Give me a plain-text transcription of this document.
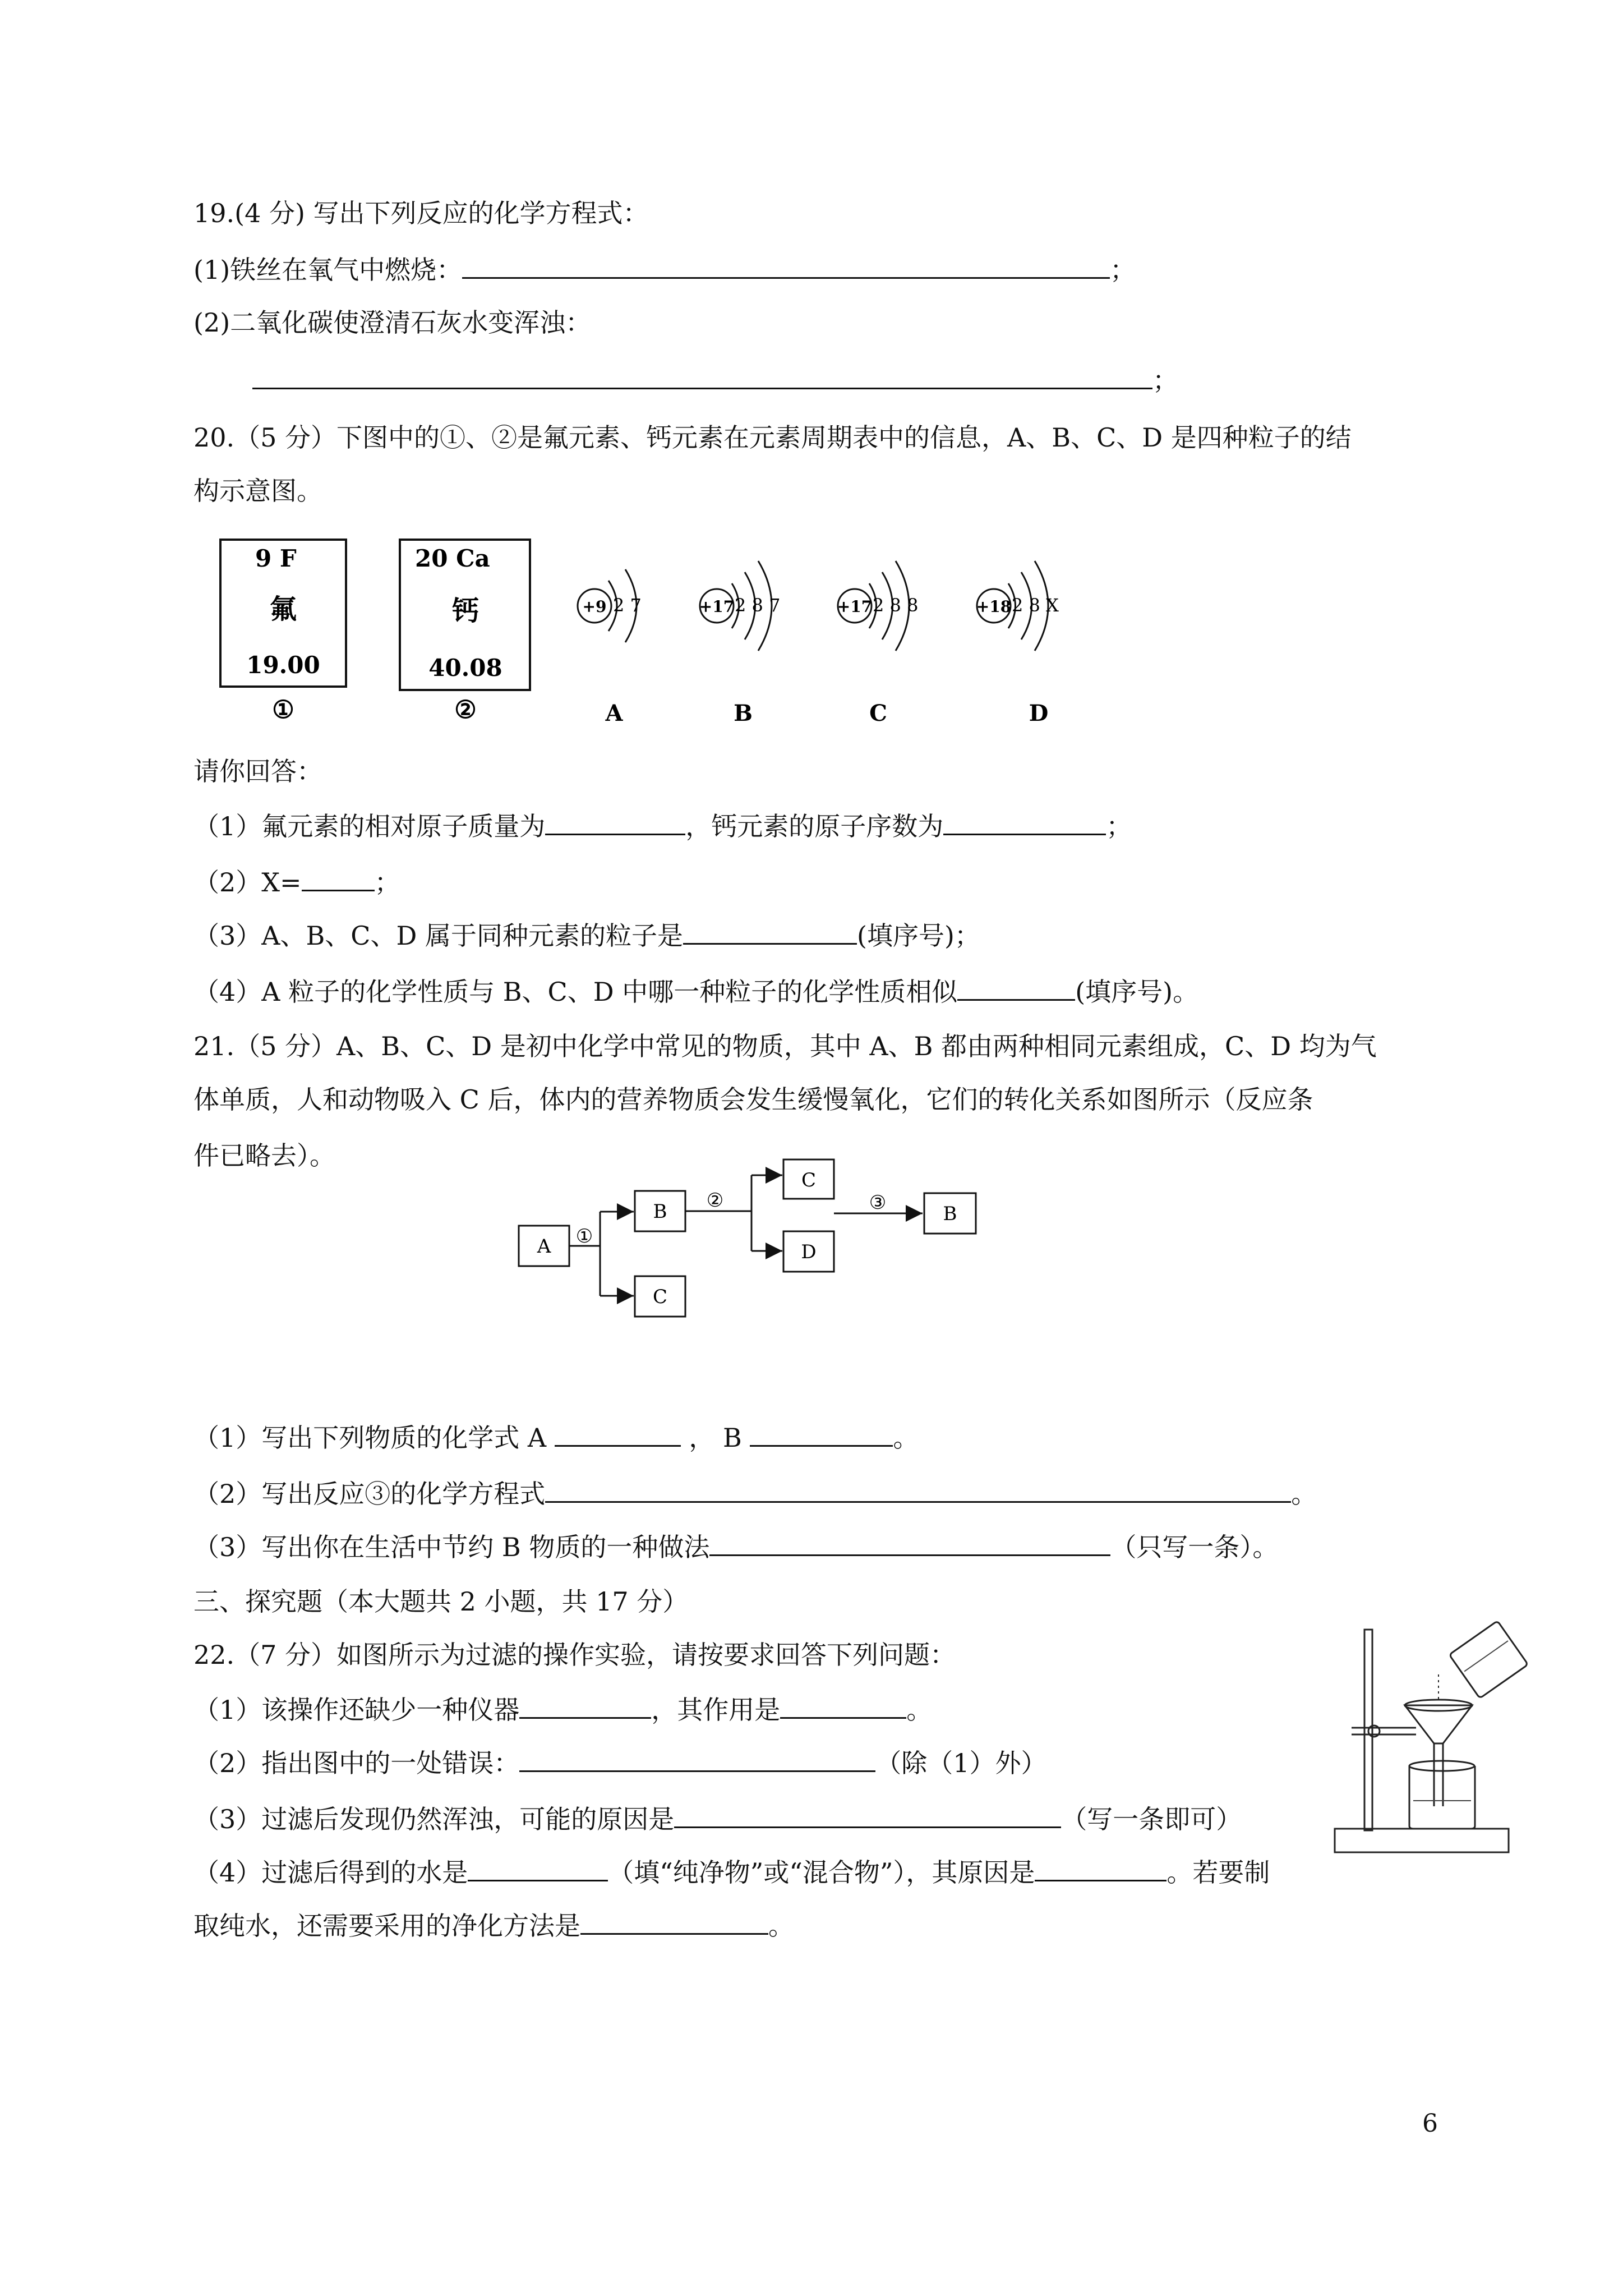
19.(4 分) 写出下列反应的化学方程式：
(1)铁丝在氧气中燃烧：	；
(2)二氧化碳使澄清石灰水变浑浊：
；
20.（5 分）下图中的①、②是氟元素、钙元素在元素周期表中的信息，A、B、C、D 是四种粒子的结
构示意图。
9 F
氟
19.00
①
20 Ca
钙
40.08
②
+9 2 7
A
+17 2 8 7
B
+17 2 8 8
C
+18 2 8 X
D
请你回答：
（1）氟元素的相对原子质量为	，钙元素的原子序数为	；
（2）X=	；
（3）A、B、C、D 属于同种元素的粒子是	(填序号)；
（4）A 粒子的化学性质与 B、C、D 中哪一种粒子的化学性质相似	(填序号)。
21.（5 分）A、B、C、D 是初中化学中常见的物质，其中 A、B 都由两种相同元素组成，C、D 均为气
体单质，人和动物吸入 C 后，体内的营养物质会发生缓慢氧化，它们的转化关系如图所示（反应条
件已略去）。
A ①
B
C
②
C
D
③	B
（1）写出下列物质的化学式 A	， B	。
（2）写出反应③的化学方程式	。
（3）写出你在生活中节约 B 物质的一种做法	（只写一条）。
三、探究题（本大题共 2 小题，共 17 分）
22.（7 分）如图所示为过滤的操作实验，请按要求回答下列问题：
（1）该操作还缺少一种仪器	，其作用是	。
（2）指出图中的一处错误：	（除（1）外）
（3）过滤后发现仍然浑浊，可能的原因是	（写一条即可）
（4）过滤后得到的水是	（填“纯净物”或“混合物”），其原因是	。若要制
取纯水，还需要采用的净化方法是	。
6
